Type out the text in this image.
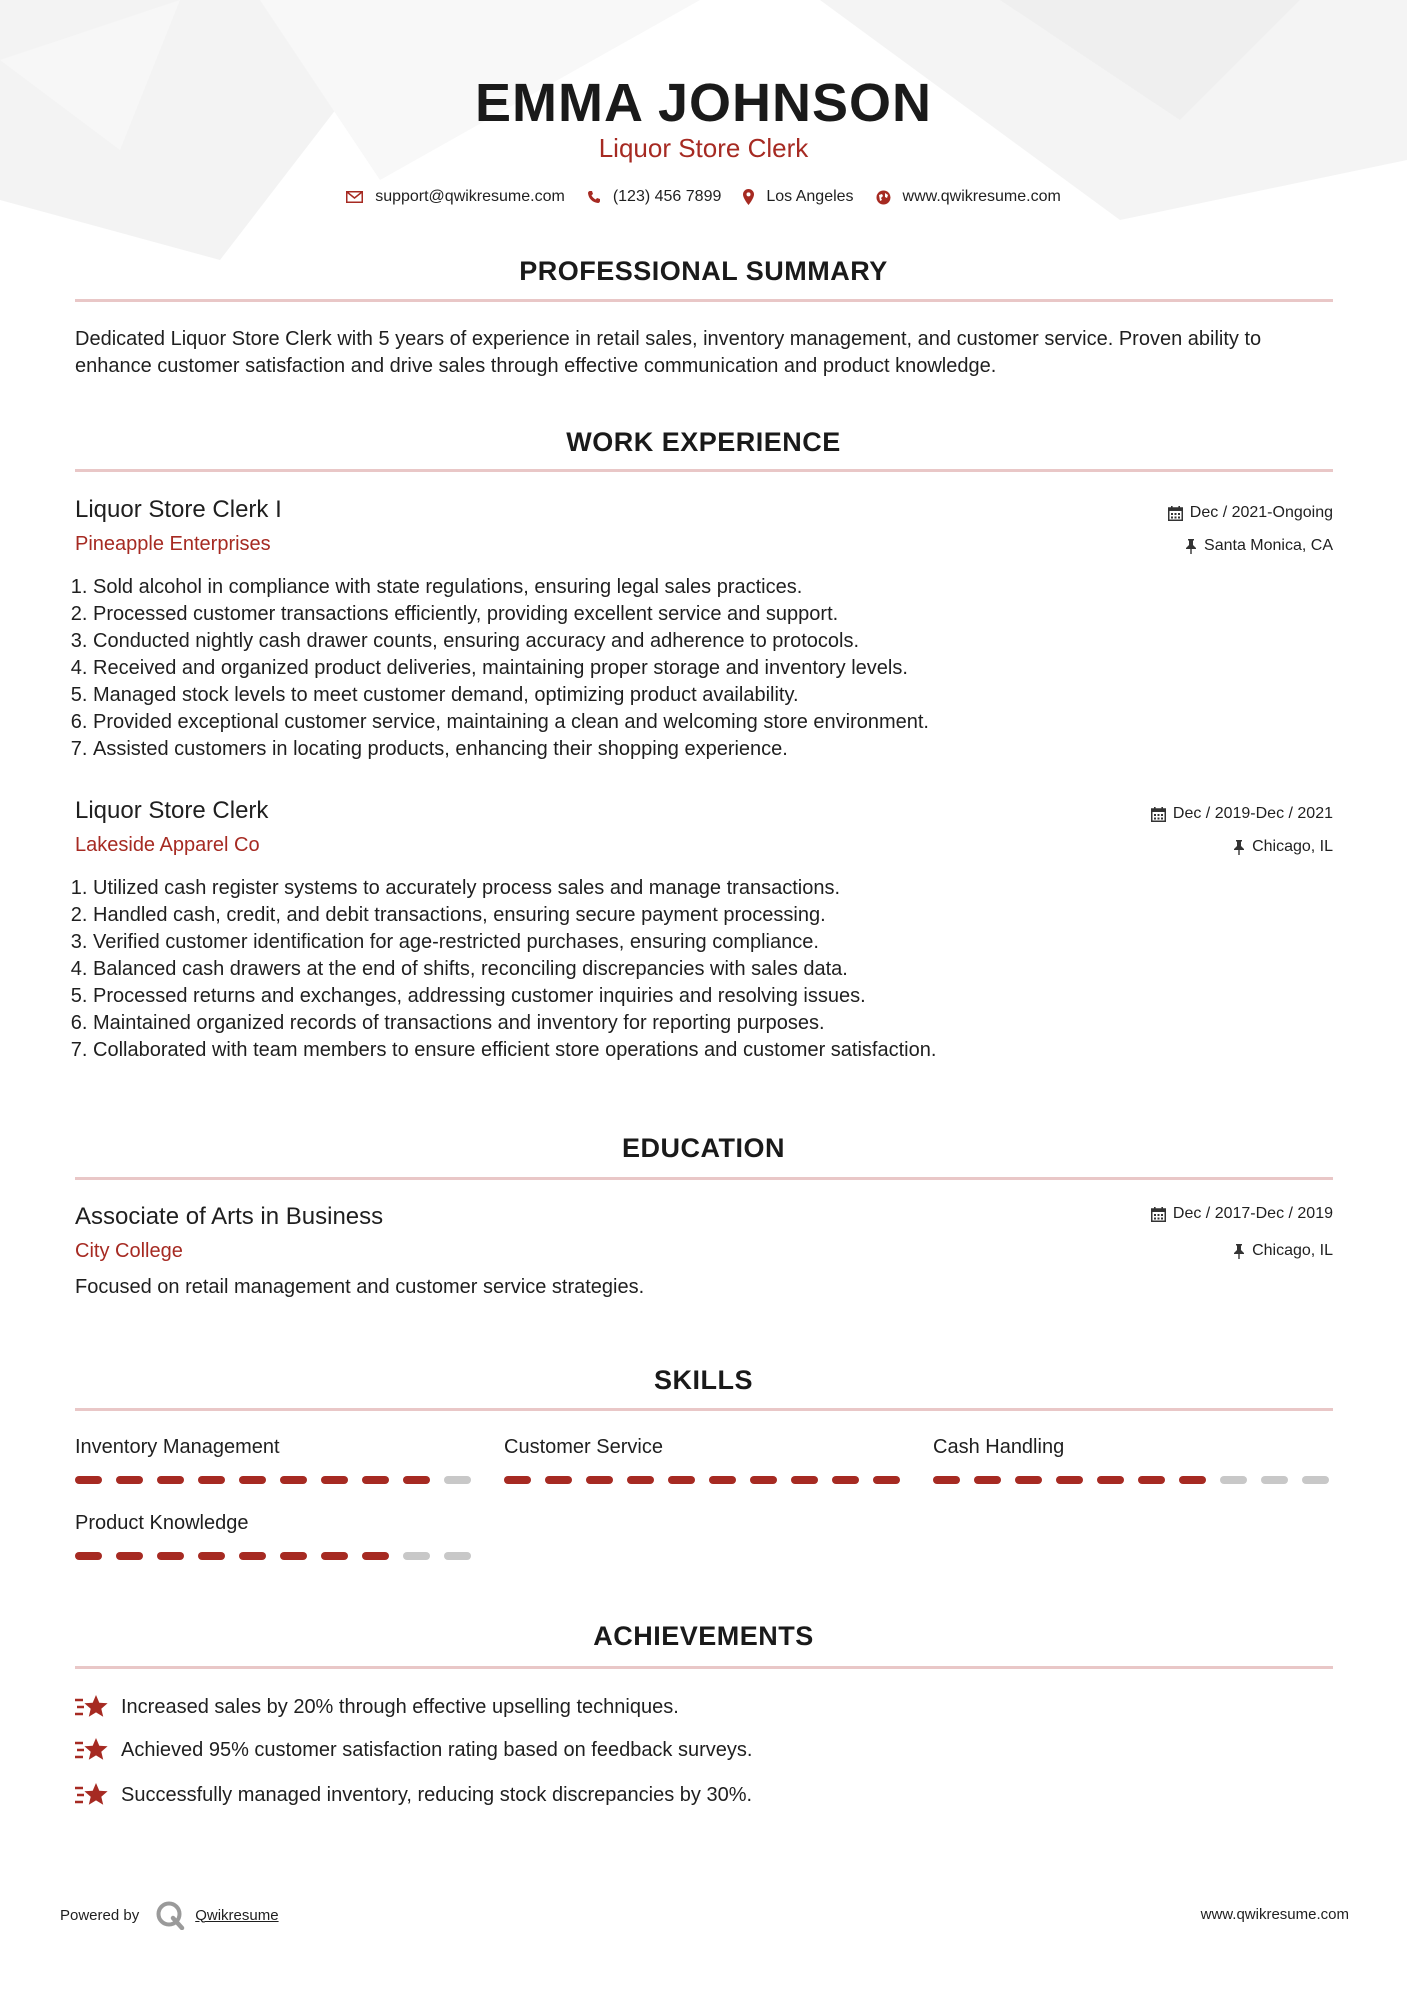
EMMA JOHNSON
Liquor Store Clerk
support@qwikresume.com	(123) 456 7899	Los Angeles	www.qwikresume.com
PROFESSIONAL SUMMARY
Dedicated Liquor Store Clerk with 5 years of experience in retail sales, inventory management, and customer service. Proven ability to enhance customer satisfaction and drive sales through effective communication and product knowledge.
WORK EXPERIENCE
Liquor Store Clerk I
Pineapple Enterprises
Dec / 2021-Ongoing
Santa Monica, CA
1. Sold alcohol in compliance with state regulations, ensuring legal sales practices.
2. Processed customer transactions efficiently, providing excellent service and support.
3. Conducted nightly cash drawer counts, ensuring accuracy and adherence to protocols.
4. Received and organized product deliveries, maintaining proper storage and inventory levels.
5. Managed stock levels to meet customer demand, optimizing product availability.
6. Provided exceptional customer service, maintaining a clean and welcoming store environment.
7. Assisted customers in locating products, enhancing their shopping experience.
Liquor Store Clerk
Lakeside Apparel Co
Dec / 2019-Dec / 2021
Chicago, IL
1. Utilized cash register systems to accurately process sales and manage transactions.
2. Handled cash, credit, and debit transactions, ensuring secure payment processing.
3. Verified customer identification for age-restricted purchases, ensuring compliance.
4. Balanced cash drawers at the end of shifts, reconciling discrepancies with sales data.
5. Processed returns and exchanges, addressing customer inquiries and resolving issues.
6. Maintained organized records of transactions and inventory for reporting purposes.
7. Collaborated with team members to ensure efficient store operations and customer satisfaction.
EDUCATION
Associate of Arts in Business
City College
Dec / 2017-Dec / 2019
Chicago, IL
Focused on retail management and customer service strategies.
SKILLS
Inventory Management	Customer Service	Cash Handling
Product Knowledge
ACHIEVEMENTS
Increased sales by 20% through effective upselling techniques.
Achieved 95% customer satisfaction rating based on feedback surveys.
Successfully managed inventory, reducing stock discrepancies by 30%.
Powered by	Qwikresume	www.qwikresume.com
